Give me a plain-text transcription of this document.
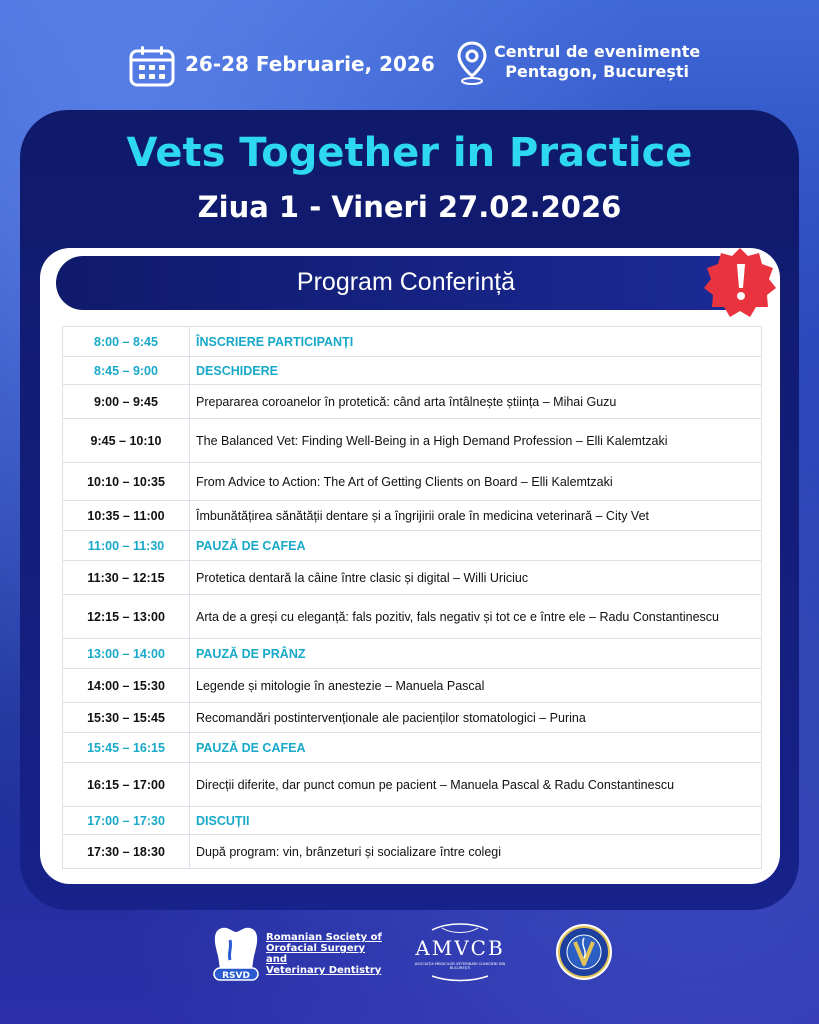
26-28 Februarie, 2026
Centrul de evenimente
Pentagon, București
Vets Together in Practice
Ziua 1 - Vineri 27.02.2026
Program Conferință
8:00 – 8:45	ÎNSCRIERE PARTICIPANȚI
8:45 – 9:00	DESCHIDERE
9:00 – 9:45	Prepararea coroanelor în protetică: când arta întâlnește știința – Mihai Guzu
9:45 – 10:10	The Balanced Vet: Finding Well-Being in a High Demand Profession – Elli Kalemtzaki
10:10 – 10:35	From Advice to Action: The Art of Getting Clients on Board – Elli Kalemtzaki
10:35 – 11:00	Îmbunătățirea sănătății dentare și a îngrijirii orale în medicina veterinară – City Vet
11:00 – 11:30	PAUZĂ DE CAFEA
11:30 – 12:15	Protetica dentară la câine între clasic și digital – Willi Uriciuc
12:15 – 13:00	Arta de a greși cu eleganță: fals pozitiv, fals negativ și tot ce e între ele – Radu Constantinescu
13:00 – 14:00	PAUZĂ DE PRÂNZ
14:00 – 15:30	Legende și mitologie în anestezie – Manuela Pascal
15:30 – 15:45	Recomandări postintervenționale ale pacienților stomatologici – Purina
15:45 – 16:15	PAUZĂ DE CAFEA
16:15 – 17:00	Direcții diferite, dar punct comun pe pacient – Manuela Pascal & Radu Constantinescu
17:00 – 17:30	DISCUȚII
17:30 – 18:30	După program: vin, brânzeturi și socializare între colegi
RSVD
Romanian Society of
Orofacial Surgery and
Veterinary Dentistry
AMVCB
ASOCIAȚIA MEDICILOR VETERINARI CLINICIENI DIN BUCUREȘTI
